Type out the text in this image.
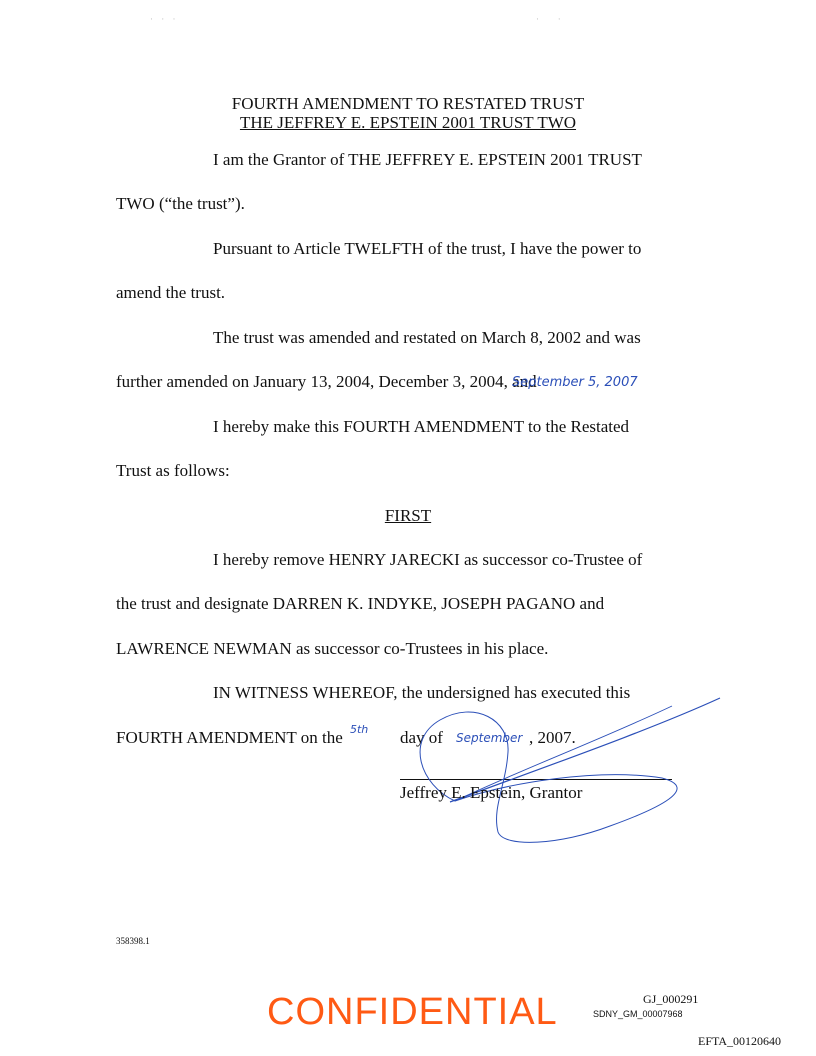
· · ·	·   ·
FOURTH AMENDMENT TO RESTATED TRUST
THE JEFFREY E. EPSTEIN 2001 TRUST TWO
I am the Grantor of THE JEFFREY E. EPSTEIN 2001 TRUST
TWO (“the trust”).
Pursuant to Article TWELFTH of the trust, I have the power to
amend the trust.
The trust was amended and restated on March 8, 2002 and was
further amended on January 13, 2004, December 3, 2004, and
September 5, 2007
I hereby make this FOURTH AMENDMENT to the Restated
Trust as follows:
FIRST
I hereby remove HENRY JARECKI as successor co-Trustee of
the trust and designate DARREN K. INDYKE, JOSEPH PAGANO and
LAWRENCE NEWMAN as successor co-Trustees in his place.
IN WITNESS WHEREOF, the undersigned has executed this
FOURTH AMENDMENT on the 5th day of September , 2007.
Jeffrey E. Epstein, Grantor
358398.1
CONFIDENTIAL	GJ_000291
SDNY_GM_00007968
EFTA_00120640
